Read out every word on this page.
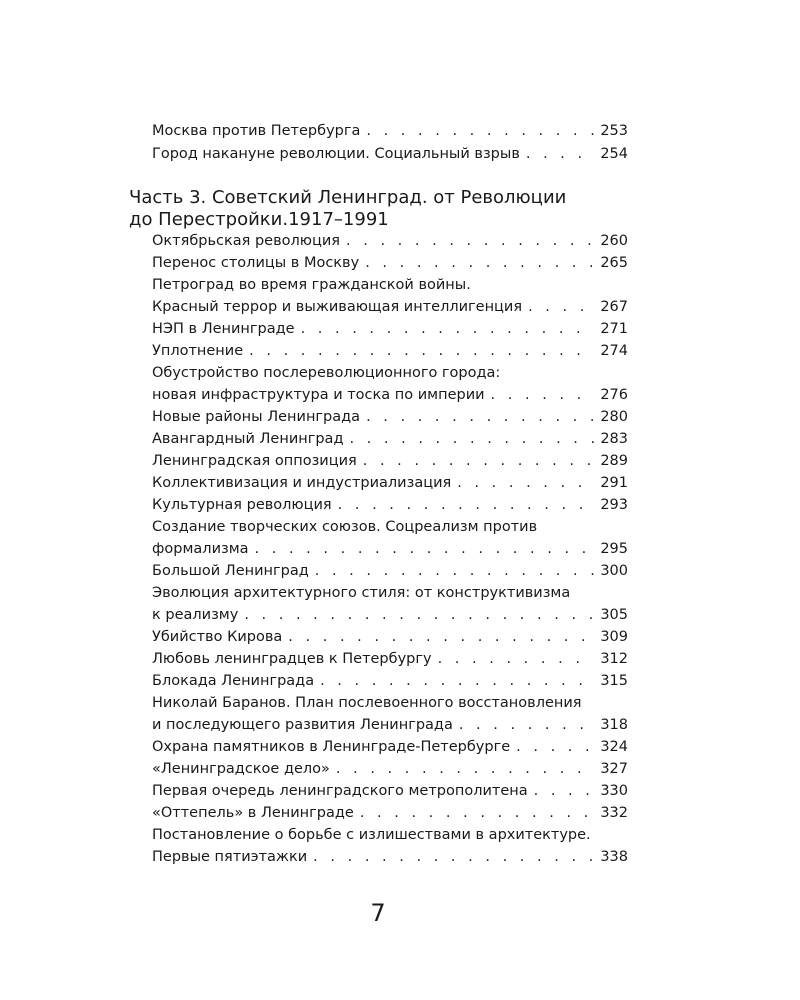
Москва против Петербурга . . .	253
Город накануне революции. Социальный взрыв . . .	254
Часть 3. Советский Ленинград. от Революции
до Перестройки.1917–1991
Октябрьская революция . . .	260
Перенос столицы в Москву . . .	265
Петроград во время гражданской войны.
Красный террор и выживающая интеллигенция . . .	267
НЭП в Ленинграде . . .	271
Уплотнение . . .	274
Обустройство послереволюционного города:
новая инфраструктура и тоска по империи . . .	276
Новые районы Ленинграда . . .	280
Авангардный Ленинград . . .	283
Ленинградская оппозиция . . .	289
Коллективизация и индустриализация . . .	291
Культурная революция . . .	293
Создание творческих союзов. Соцреализм против
формализма . . .	295
Большой Ленинград . . .	300
Эволюция архитектурного стиля: от конструктивизма
к реализму . . .	305
Убийство Кирова . . .	309
Любовь ленинградцев к Петербургу . . .	312
Блокада Ленинграда . . .	315
Николай Баранов. План послевоенного восстановления
и последующего развития Ленинграда . . .	318
Охрана памятников в Ленинграде-Петербурге . . .	324
«Ленинградское дело» . . .	327
Первая очередь ленинградского метрополитена . . .	330
«Оттепель» в Ленинграде . . .	332
Постановление о борьбе с излишествами в архитектуре.
Первые пятиэтажки . . .	338
7
